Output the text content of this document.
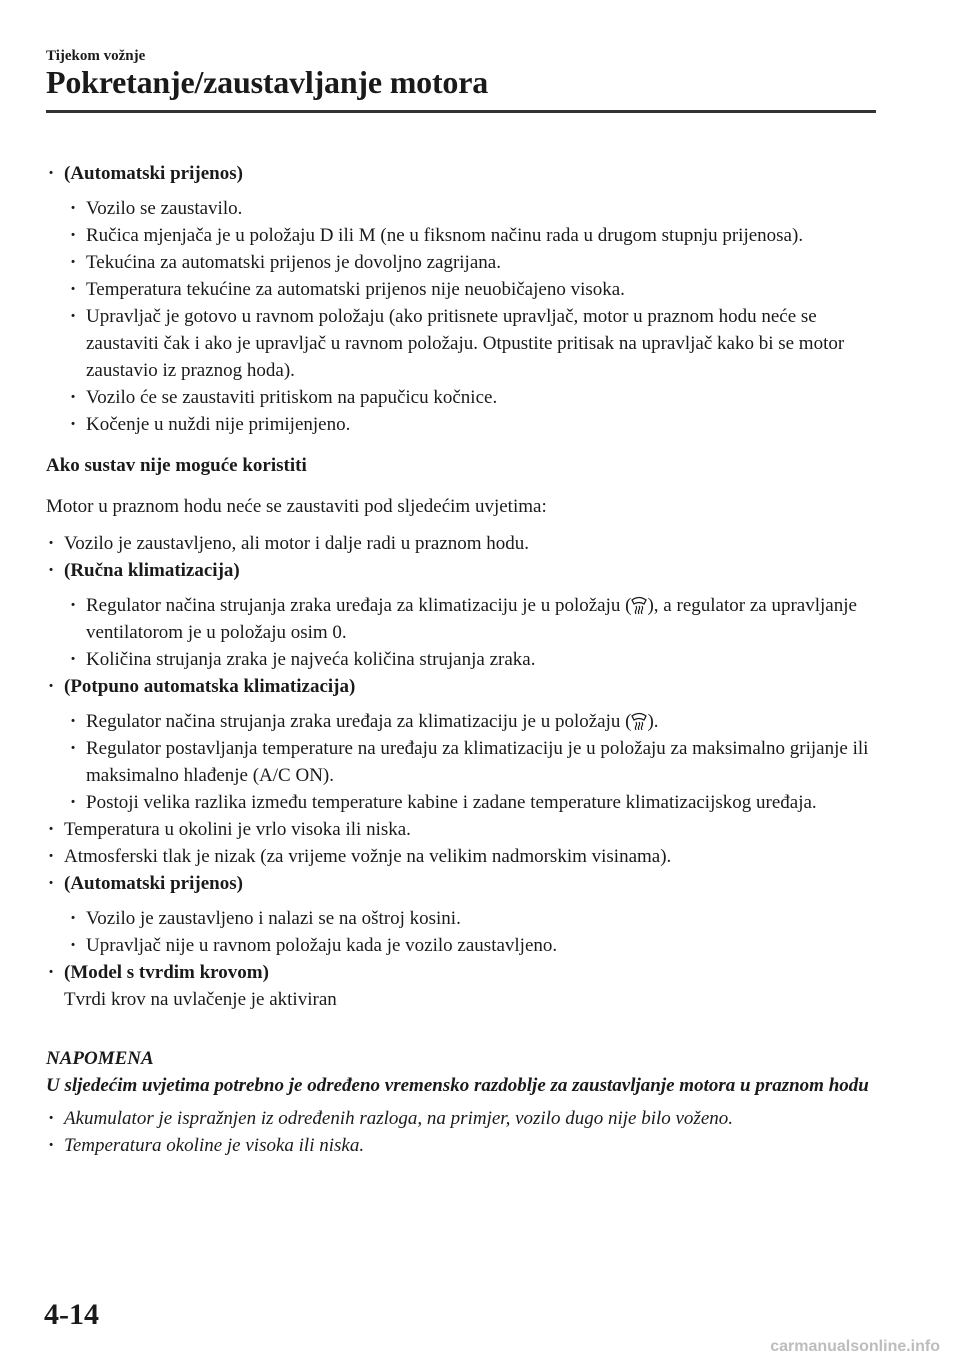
Tijekom vožnje
Pokretanje/zaustavljanje motora
· (Automatski prijenos)
· Vozilo se zaustavilo.
· Ručica mjenjača je u položaju D ili M (ne u fiksnom načinu rada u drugom stupnju prijenosa).
· Tekućina za automatski prijenos je dovoljno zagrijana.
· Temperatura tekućine za automatski prijenos nije neuobičajeno visoka.
· Upravljač je gotovo u ravnom položaju (ako pritisnete upravljač, motor u praznom hodu neće se zaustaviti čak i ako je upravljač u ravnom položaju. Otpustite pritisak na upravljač kako bi se motor zaustavio iz praznog hoda).
· Vozilo će se zaustaviti pritiskom na papučicu kočnice.
· Kočenje u nuždi nije primijenjeno.
Ako sustav nije moguće koristiti
Motor u praznom hodu neće se zaustaviti pod sljedećim uvjetima:
· Vozilo je zaustavljeno, ali motor i dalje radi u praznom hodu.
· (Ručna klimatizacija)
· Regulator načina strujanja zraka uređaja za klimatizaciju je u položaju ( ), a regulator za upravljanje ventilatorom je u položaju osim 0.
· Količina strujanja zraka je najveća količina strujanja zraka.
· (Potpuno automatska klimatizacija)
· Regulator načina strujanja zraka uređaja za klimatizaciju je u položaju ( ).
· Regulator postavljanja temperature na uređaju za klimatizaciju je u položaju za maksimalno grijanje ili maksimalno hlađenje (A/C ON).
· Postoji velika razlika između temperature kabine i zadane temperature klimatizacijskog uređaja.
· Temperatura u okolini je vrlo visoka ili niska.
· Atmosferski tlak je nizak (za vrijeme vožnje na velikim nadmorskim visinama).
· (Automatski prijenos)
· Vozilo je zaustavljeno i nalazi se na oštroj kosini.
· Upravljač nije u ravnom položaju kada je vozilo zaustavljeno.
· (Model s tvrdim krovom)
Tvrdi krov na uvlačenje je aktiviran
NAPOMENA
U sljedećim uvjetima potrebno je određeno vremensko razdoblje za zaustavljanje motora u praznom hodu
· Akumulator je ispražnjen iz određenih razloga, na primjer, vozilo dugo nije bilo voženo.
· Temperatura okoline je visoka ili niska.
4-14
carmanualsonline.info
